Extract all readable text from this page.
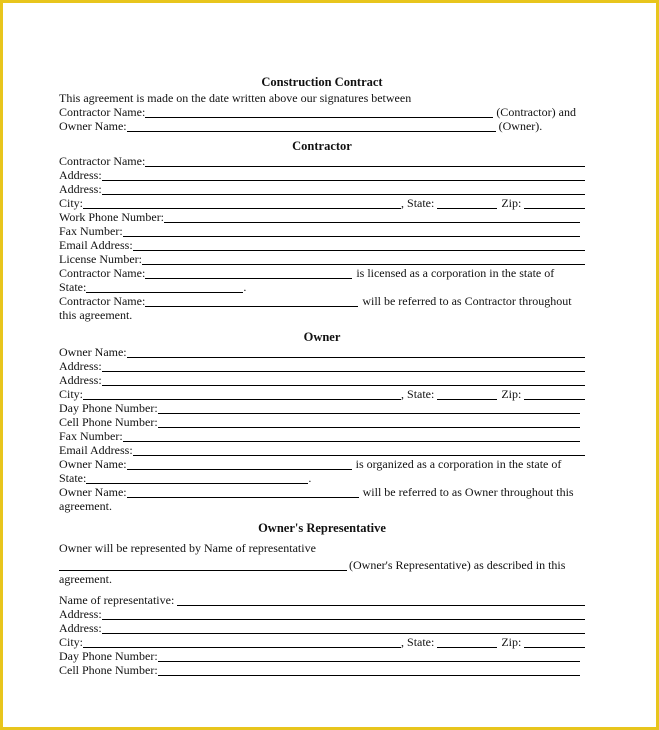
Construction Contract
This agreement is made on the date written above our signatures between
Contractor Name:	(Contractor) and
Owner Name:	(Owner).
Contractor
Contractor Name:
Address:
Address:
City:	, State:	Zip:
Work Phone Number:
Fax Number:
Email Address:
License Number:
Contractor Name:	is licensed as a corporation in the state of
State:	.
Contractor Name:	will be referred to as Contractor throughout
this agreement.
Owner
Owner Name:
Address:
Address:
City:	, State:	Zip:
Day Phone Number:
Cell Phone Number:
Fax Number:
Email Address:
Owner Name:	is organized as a corporation in the state of
State:	.
Owner Name:	will be referred to as Owner throughout this
agreement.
Owner's Representative
Owner will be represented by Name of representative
(Owner's Representative) as described in this
agreement.
Name of representative:
Address:
Address:
City:	, State:	Zip:
Day Phone Number:
Cell Phone Number:
